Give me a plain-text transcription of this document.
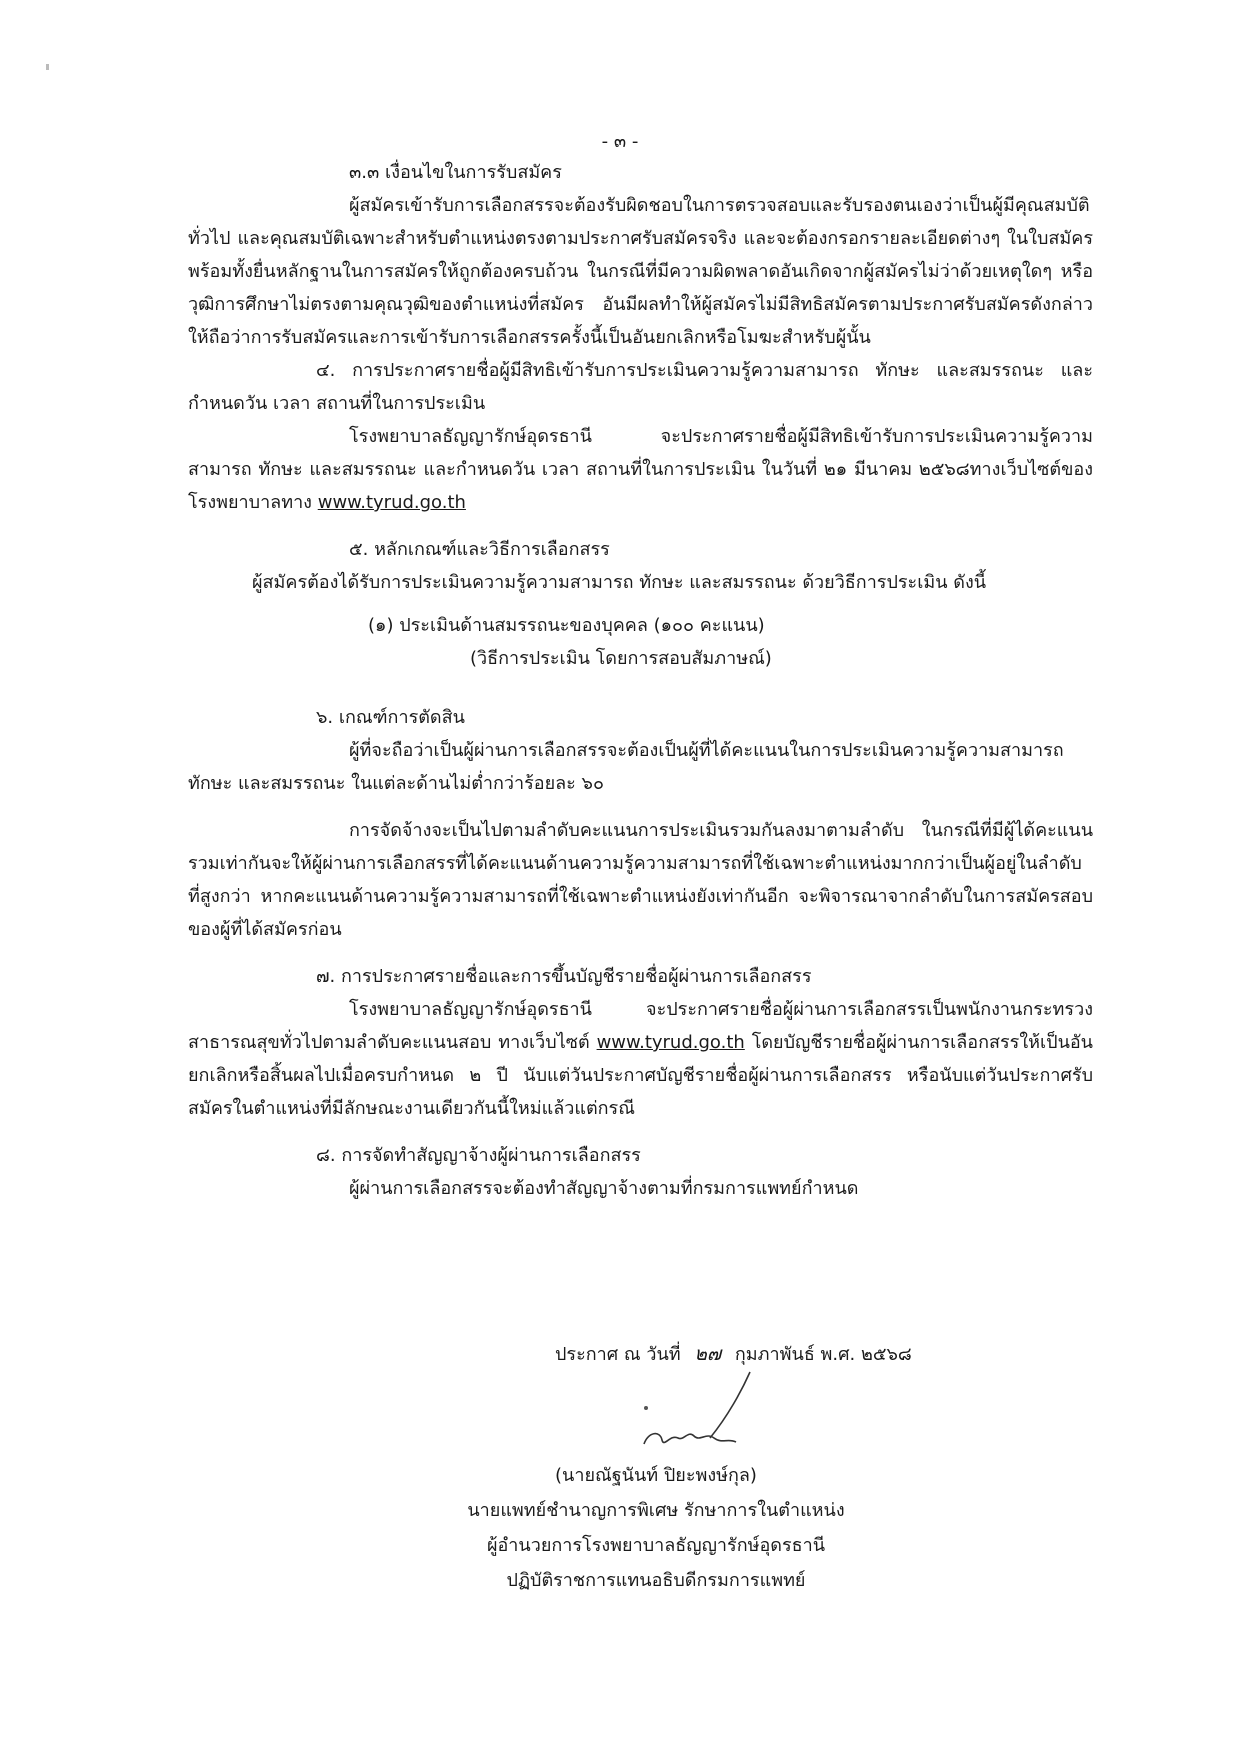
- ๓ -

๓.๓ เงื่อนไขในการรับสมัคร

ผู้สมัครเข้ารับการเลือกสรรจะต้องรับผิดชอบในการตรวจสอบและรับรองตนเองว่าเป็นผู้มีคุณสมบัติทั่วไป และคุณสมบัติเฉพาะสำหรับตำแหน่งตรงตามประกาศรับสมัครจริง และจะต้องกรอกรายละเอียดต่างๆ ในใบสมัคร พร้อมทั้งยื่นหลักฐานในการสมัครให้ถูกต้องครบถ้วน ในกรณีที่มีความผิดพลาดอันเกิดจากผู้สมัครไม่ว่าด้วยเหตุใดๆ หรือวุฒิการศึกษาไม่ตรงตามคุณวุฒิของตำแหน่งที่สมัคร อันมีผลทำให้ผู้สมัครไม่มีสิทธิสมัครตามประกาศรับสมัครดังกล่าว ให้ถือว่าการรับสมัครและการเข้ารับการเลือกสรรครั้งนี้เป็นอันยกเลิกหรือโมฆะสำหรับผู้นั้น

๔. การประกาศรายชื่อผู้มีสิทธิเข้ารับการประเมินความรู้ความสามารถ ทักษะ และสมรรถนะ และกำหนดวัน เวลา สถานที่ในการประเมิน

โรงพยาบาลธัญญารักษ์อุดรธานี จะประกาศรายชื่อผู้มีสิทธิเข้ารับการประเมินความรู้ความสามารถ ทักษะ และสมรรถนะ และกำหนดวัน เวลา สถานที่ในการประเมิน ในวันที่ ๒๑ มีนาคม ๒๕๖๘ทางเว็บไซต์ของโรงพยาบาลทาง www.tyrud.go.th

๕. หลักเกณฑ์และวิธีการเลือกสรร

ผู้สมัครต้องได้รับการประเมินความรู้ความสามารถ ทักษะ และสมรรถนะ ด้วยวิธีการประเมิน ดังนี้

(๑) ประเมินด้านสมรรถนะของบุคคล (๑๐๐ คะแนน)

(วิธีการประเมิน โดยการสอบสัมภาษณ์)

๖. เกณฑ์การตัดสิน

ผู้ที่จะถือว่าเป็นผู้ผ่านการเลือกสรรจะต้องเป็นผู้ที่ได้คะแนนในการประเมินความรู้ความสามารถ ทักษะ และสมรรถนะ ในแต่ละด้านไม่ต่ำกว่าร้อยละ ๖๐

การจัดจ้างจะเป็นไปตามลำดับคะแนนการประเมินรวมกันลงมาตามลำดับ ในกรณีที่มีผู้ได้คะแนนรวมเท่ากันจะให้ผู้ผ่านการเลือกสรรที่ได้คะแนนด้านความรู้ความสามารถที่ใช้เฉพาะตำแหน่งมากกว่าเป็นผู้อยู่ในลำดับที่สูงกว่า หากคะแนนด้านความรู้ความสามารถที่ใช้เฉพาะตำแหน่งยังเท่ากันอีก จะพิจารณาจากลำดับในการสมัครสอบของผู้ที่ได้สมัครก่อน

๗. การประกาศรายชื่อและการขึ้นบัญชีรายชื่อผู้ผ่านการเลือกสรร

โรงพยาบาลธัญญารักษ์อุดรธานี จะประกาศรายชื่อผู้ผ่านการเลือกสรรเป็นพนักงานกระทรวงสาธารณสุขทั่วไปตามลำดับคะแนนสอบ ทางเว็บไซต์ www.tyrud.go.th โดยบัญชีรายชื่อผู้ผ่านการเลือกสรรให้เป็นอันยกเลิกหรือสิ้นผลไปเมื่อครบกำหนด ๒ ปี นับแต่วันประกาศบัญชีรายชื่อผู้ผ่านการเลือกสรร หรือนับแต่วันประกาศรับสมัครในตำแหน่งที่มีลักษณะงานเดียวกันนี้ใหม่แล้วแต่กรณี

๘. การจัดทำสัญญาจ้างผู้ผ่านการเลือกสรร

ผู้ผ่านการเลือกสรรจะต้องทำสัญญาจ้างตามที่กรมการแพทย์กำหนด

ประกาศ ณ วันที่ ๒๗ กุมภาพันธ์ พ.ศ. ๒๕๖๘
(นายณัฐนันท์ ปิยะพงษ์กุล)
นายแพทย์ชำนาญการพิเศษ รักษาการในตำแหน่ง
ผู้อำนวยการโรงพยาบาลธัญญารักษ์อุดรธานี
ปฏิบัติราชการแทนอธิบดีกรมการแพทย์
